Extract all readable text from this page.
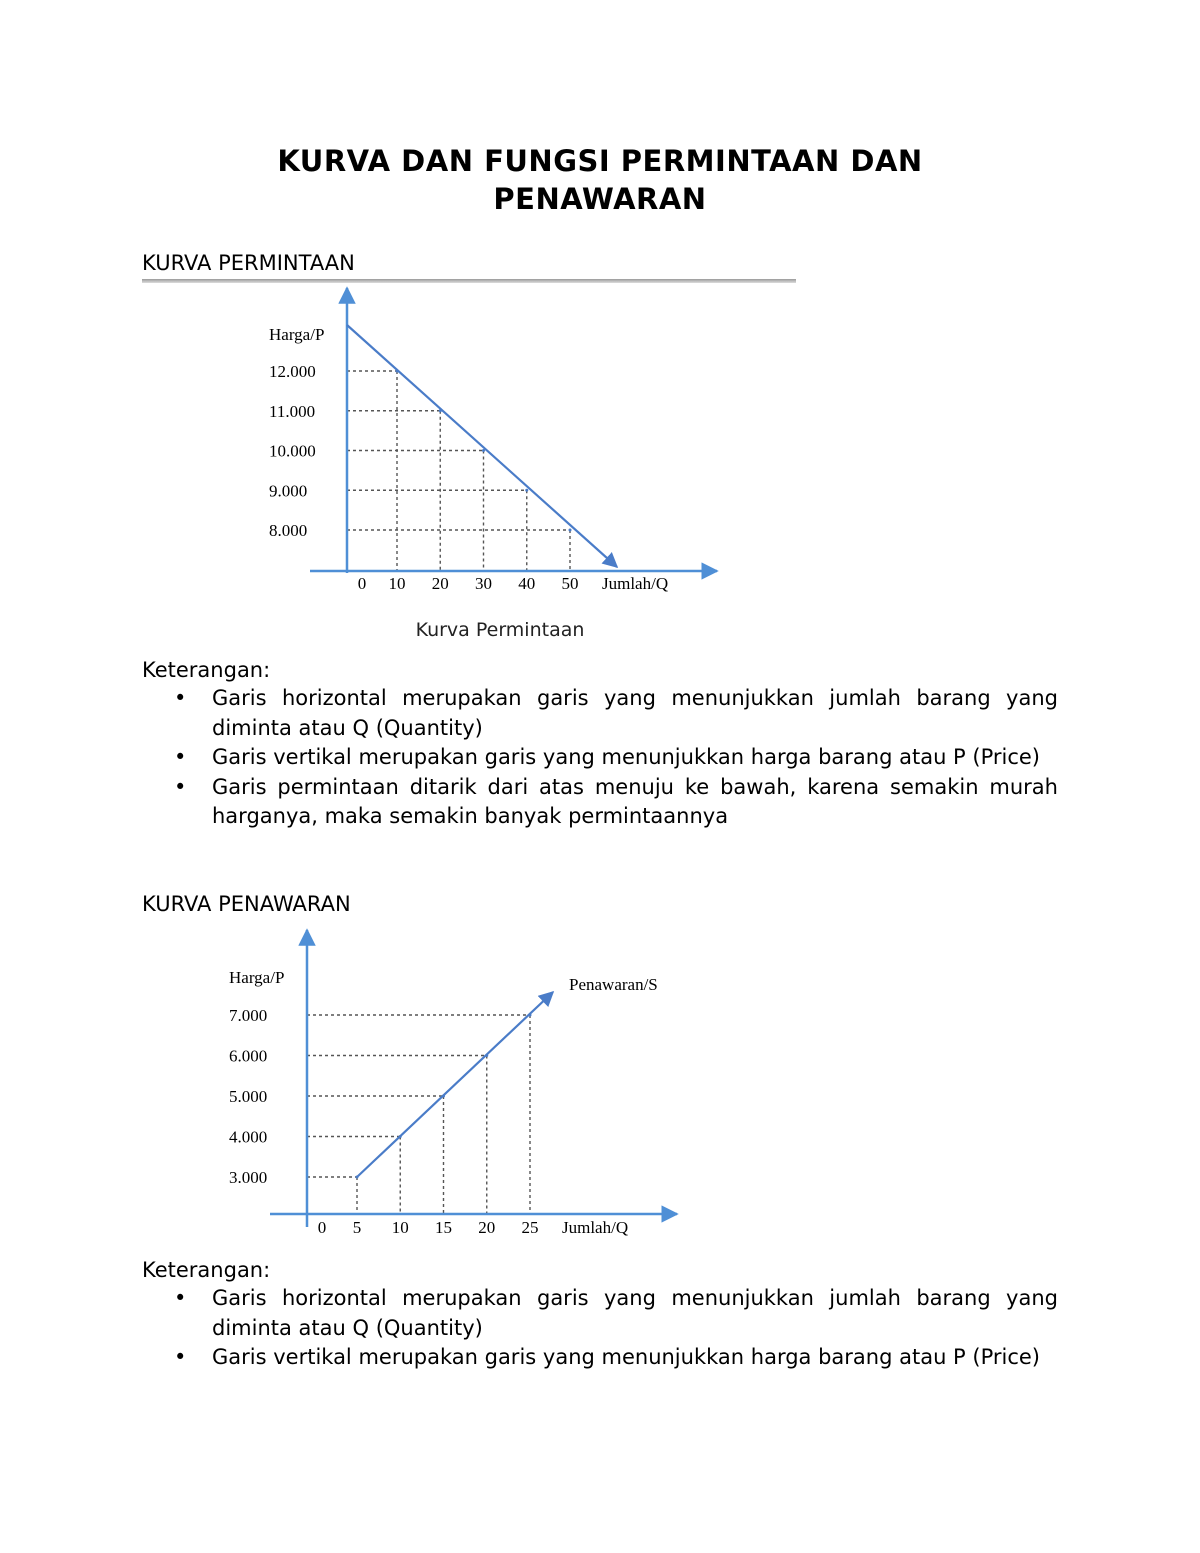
KURVA DAN FUNGSI PERMINTAAN DAN
PENAWARAN
KURVA PERMINTAAN
Harga/P
8.000
9.000
10.000
11.000
12.000
0 10 20 30 40 50 Jumlah/Q
Kurva Permintaan
Keterangan:
• Garis horizontal merupakan garis yang menunjukkan jumlah barang yang diminta atau Q (Quantity)
• Garis vertikal merupakan garis yang menunjukkan harga barang atau P (Price)
• Garis permintaan ditarik dari atas menuju ke bawah, karena semakin murah harganya, maka semakin banyak permintaannya
KURVA PENAWARAN
Harga/P	Penawaran/S
3.000
4.000
5.000
6.000
7.000
0 5 10 15 20 25 Jumlah/Q
Keterangan:
• Garis horizontal merupakan garis yang menunjukkan jumlah barang yang diminta atau Q (Quantity)
• Garis vertikal merupakan garis yang menunjukkan harga barang atau P (Price)
